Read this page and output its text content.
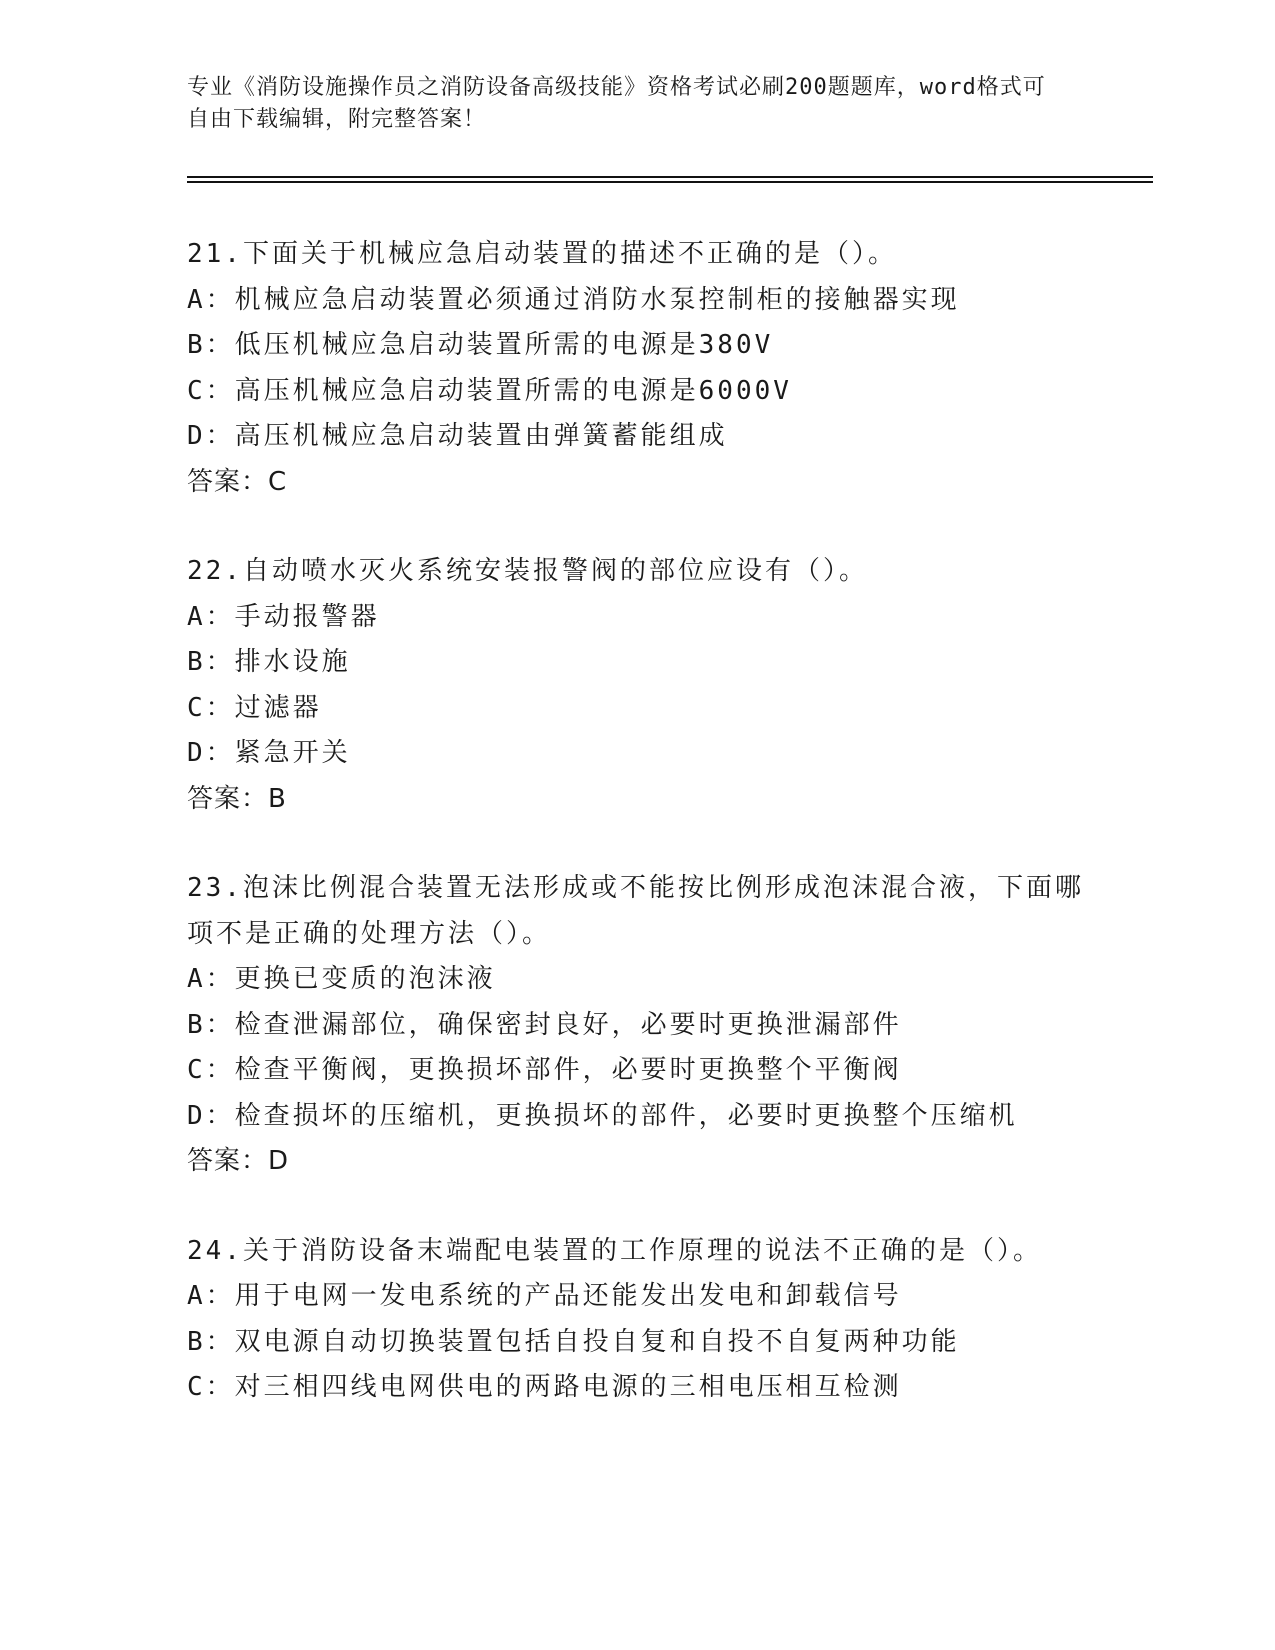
专业《消防设施操作员之消防设备高级技能》资格考试必刷200题题库，word格式可自由下载编辑，附完整答案！
21.下面关于机械应急启动装置的描述不正确的是（）。
A：机械应急启动装置必须通过消防水泵控制柜的接触器实现
B：低压机械应急启动装置所需的电源是380V
C：高压机械应急启动装置所需的电源是6000V
D：高压机械应急启动装置由弹簧蓄能组成
答案：C
22.自动喷水灭火系统安装报警阀的部位应设有（）。
A：手动报警器
B：排水设施
C：过滤器
D：紧急开关
答案：B
23.泡沫比例混合装置无法形成或不能按比例形成泡沫混合液，下面哪项不是正确的处理方法（）。
A：更换已变质的泡沫液
B：检查泄漏部位，确保密封良好，必要时更换泄漏部件
C：检查平衡阀，更换损坏部件，必要时更换整个平衡阀
D：检查损坏的压缩机，更换损坏的部件，必要时更换整个压缩机
答案：D
24.关于消防设备末端配电装置的工作原理的说法不正确的是（）。
A：用于电网一发电系统的产品还能发出发电和卸载信号
B：双电源自动切换装置包括自投自复和自投不自复两种功能
C：对三相四线电网供电的两路电源的三相电压相互检测
